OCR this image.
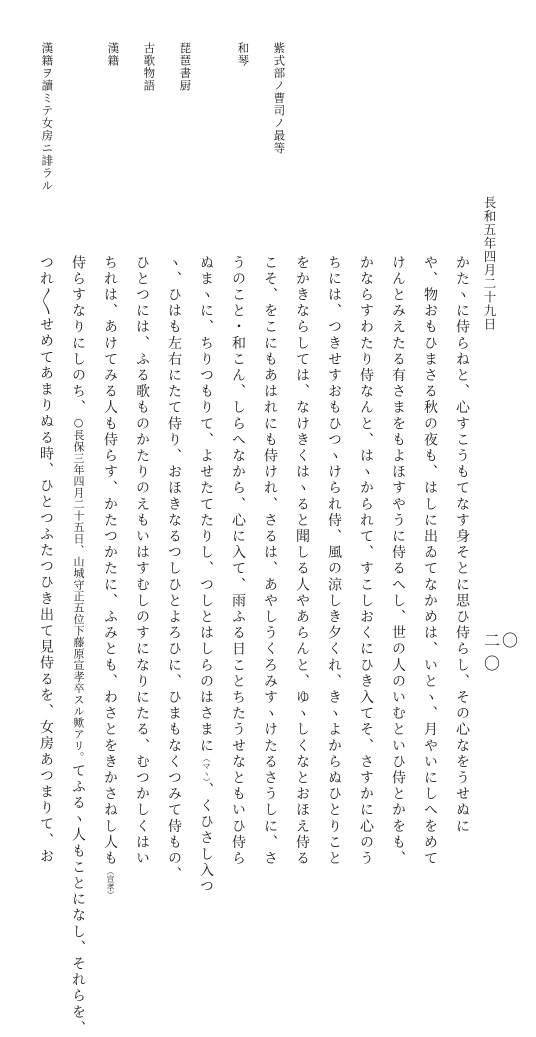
二〇〇
長和五年四月二十九日
紫式部ノ曹司ノ最等
和琴
琵琶書厨
古歌物語
漢籍
漢籍ヲ讀ミテ女房ニ誹ラル
かたヽに侍らねと、心すこうもてなす身そとに思ひ侍らし、その心なをうせぬに
や、物おもひまさる秋の夜も、はしに出ゐてなかめは、いとヽ、月やいにしへをめて
けんとみえたる有さまをもよほすやうに侍るへし、世の人のいむといひ侍とかをも、
かならすわたり侍なんと、はヽかられて、すこしおくにひき入てそ、さすかに心のう
ちには、つきせすおもひつヽけられ侍、風の涼しき夕くれ、きヽよからぬひとりこと
をかきならしては、なけきくはヽると聞しる人やあらんと、ゆヽしくなとおほえ侍る
こそ、をこにもあはれにも侍けれ、さるは、あやしうくろみすヽけたるさうしに、さ
うのこと・和こん、しらへなから、心に入て、雨ふる日ことちたうせなともいひ侍ら
ぬまヽに、ちりつもりて、よせたてたりし、つしとはしらのはさまに（マヽ）、くひさし入つ
ヽ、ひはも左右にたて侍り、おほきなるつしひとよろひに、ひまもなくつみて侍もの、
ひとつには、ふる歌ものかたりのえもいはすむしのすになりにたる、むつかしくはい
ちれは、あけてみる人も侍らす、かたつかたに、ふみとも、わさとをきかさねし人も（宣孝）
侍らすなりにしのち、○長保三年四月二十五日、山城守正五位下藤原宣孝卒スル歟アリ。てふるヽ人もことになし、それらを、
つれ〳〵せめてあまりぬる時、ひとつふたつひき出て見侍るを、女房あつまりて、お
